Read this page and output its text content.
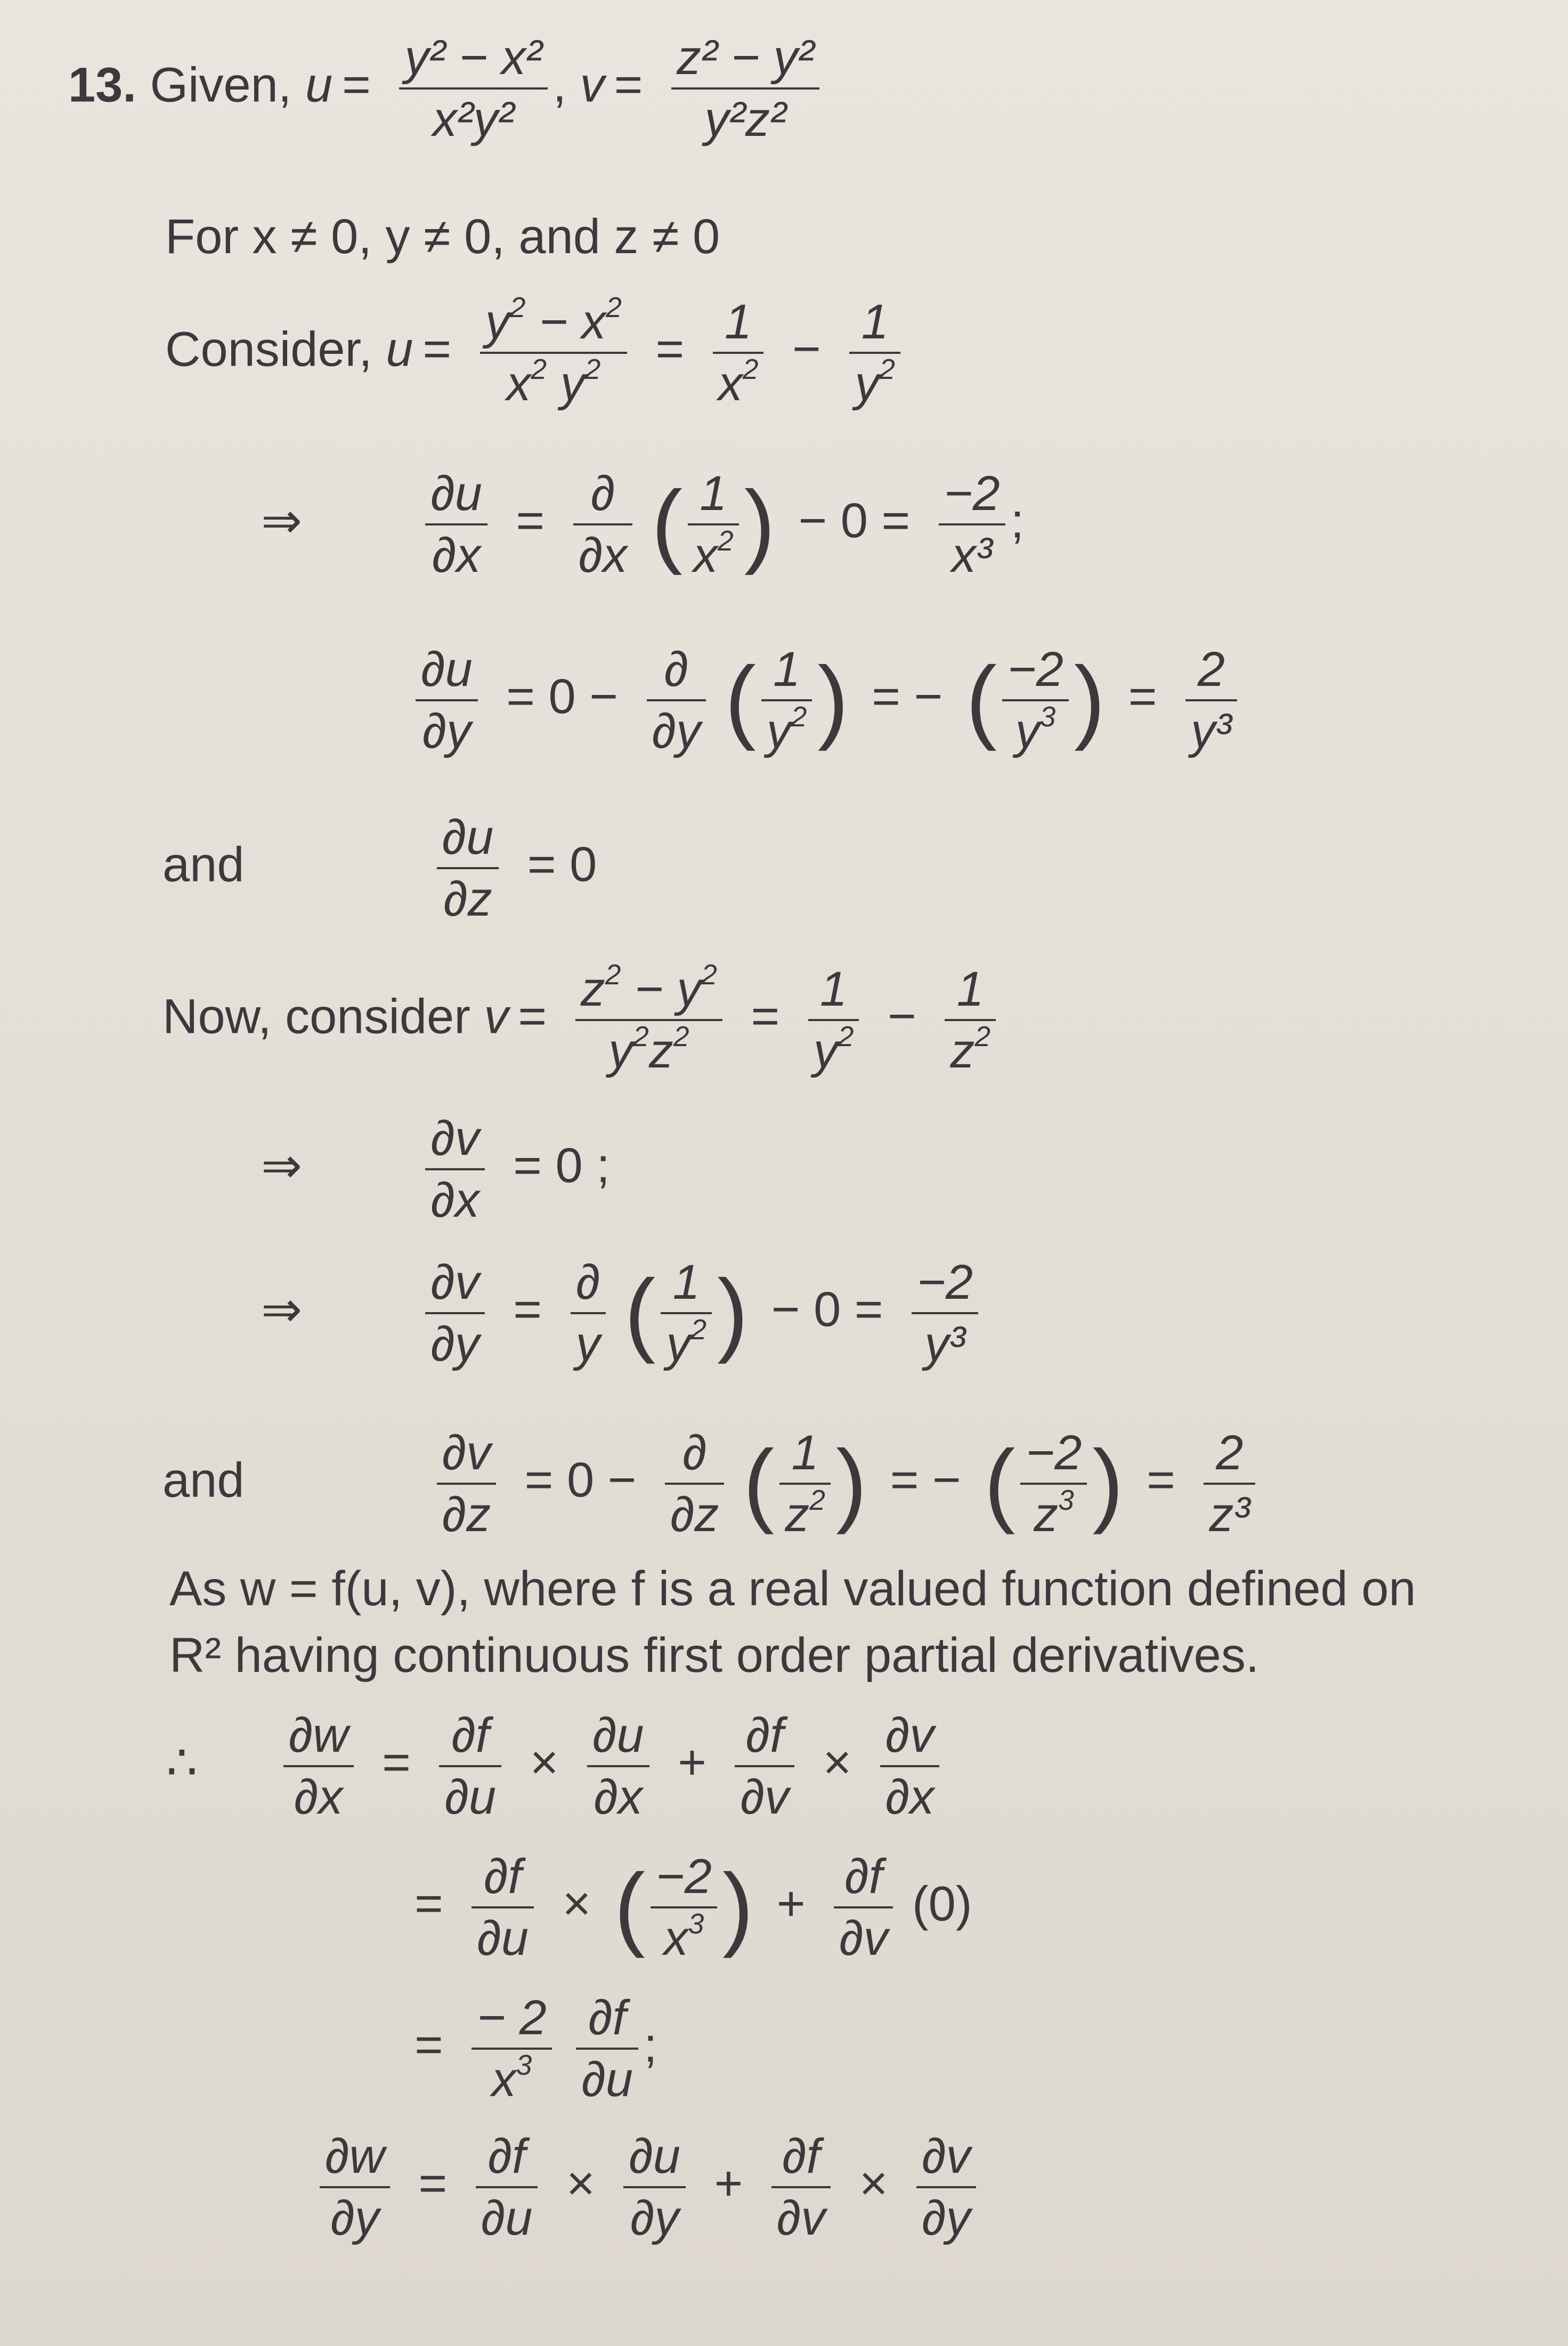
13. Given, $u = \frac{\text{y² − x²}}{\text{x²y²}}$ , $v = \frac{\text{z² − y²}}{\text{y²z²}}$
For x ≠ 0, y ≠ 0, and z ≠ 0
Consider, $u = \frac{y^2 - x^2}{x^2 y^2} = \frac{1}{x^2} - \frac{1}{y^2}$
⇒	$\frac{\partial u}{\partial x} = \frac{\partial}{\partial x}$ ( $\frac{1}{x^2}$ ) − $0 = \frac{-2}{\text{x³}}$ ;
$\frac{\partial u}{\partial y} = 0 - \frac{\partial}{\partial y}$ ( $\frac{1}{y^2}$ ) = − ( $\frac{-2}{y^3}$ ) = $\frac{2}{\text{y³}}$
and	$\frac{\partial u}{\partial z} = 0$
Now, consider $v = \frac{z^2 - y^2}{y^2z^2} = \frac{1}{y^2} - \frac{1}{z^2}$
⇒	$\frac{\partial v}{\partial x} = 0$ ;
⇒	$\frac{\partial v}{\partial y} = \frac{\partial}{y}$ ( $\frac{1}{y^2}$ ) − $0 = \frac{-2}{\text{y³}}$
and	$\frac{\partial v}{\partial z} = 0 - \frac{\partial}{\partial z}$ ( $\frac{1}{z^2}$ ) = − ( $\frac{-2}{z^3}$ ) = $\frac{2}{\text{z³}}$
As w = f(u, v), where f is a real valued function defined on
R² having continuous first order partial derivatives.
∴ $\frac{\partial w}{\partial x} = \frac{\partial f}{\partial u} \times \frac{\partial u}{\partial x} + \frac{\partial f}{\partial v} \times \frac{\partial v}{\partial x}$
= $\frac{\partial f}{\partial u}$ × ( $\frac{-2}{x^3}$ ) + $\frac{\partial f}{\partial v} (0)$
= $\frac{- 2}{x^3}$
$\frac{\partial f}{\partial u}$ ;
$\frac{\partial w}{\partial y} = \frac{\partial f}{\partial u} \times \frac{\partial u}{\partial y} + \frac{\partial f}{\partial v} \times \frac{\partial v}{\partial y}$
